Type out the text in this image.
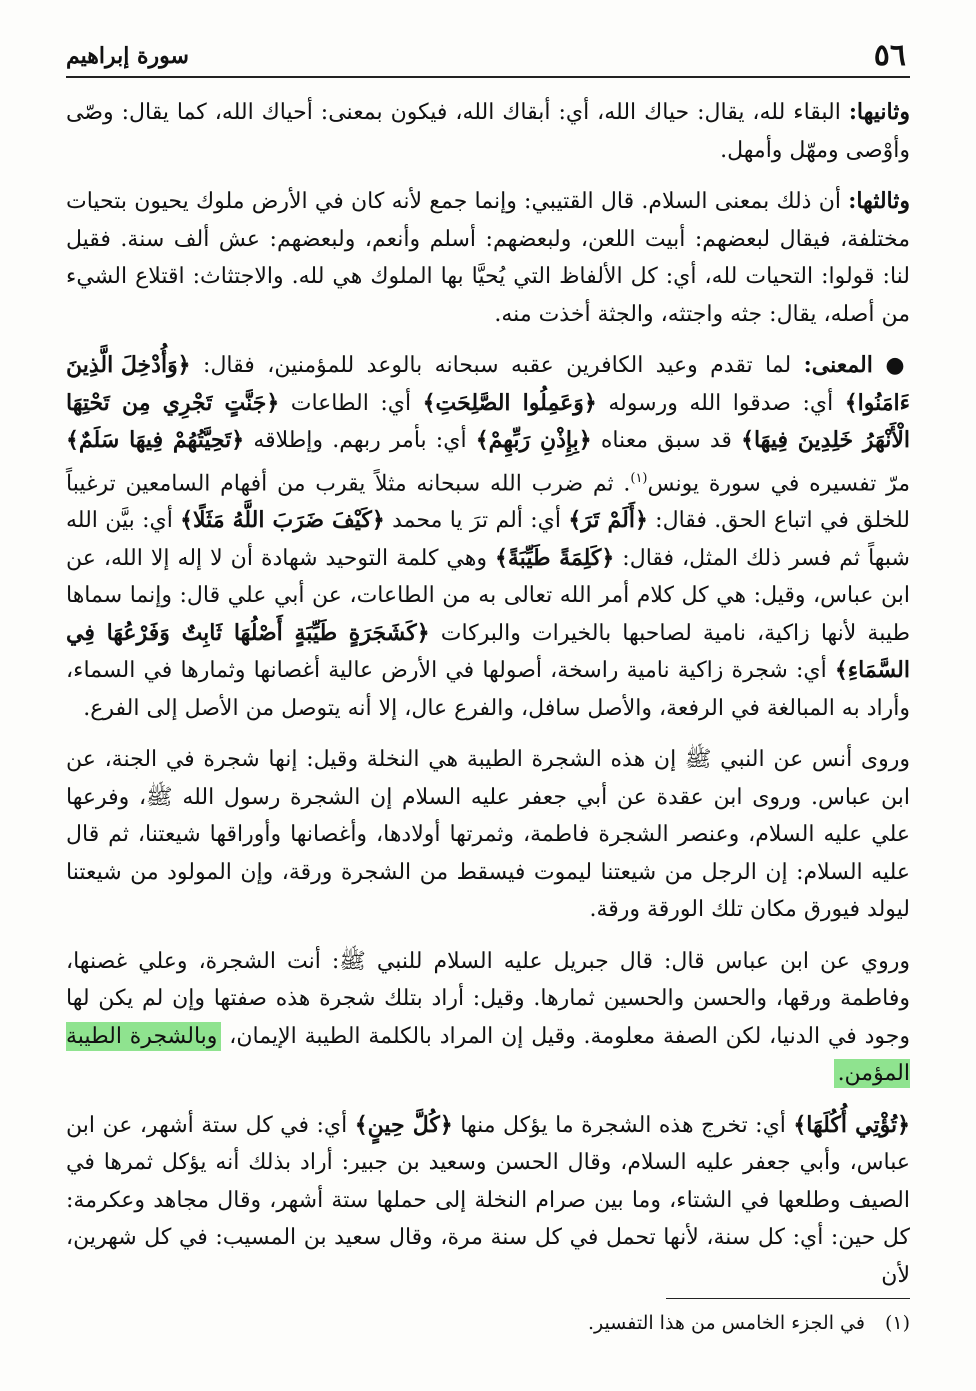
٥٦
سورة إبراهيم

وثانيها: البقاء لله، يقال: حياك الله، أي: أبقاك الله، فيكون بمعنى: أحياك الله، كما يقال: وصّى وأوْصى ومهّل وأمهل.

وثالثها: أن ذلك بمعنى السلام. قال القتيبي: وإنما جمع لأنه كان في الأرض ملوك يحيون بتحيات مختلفة، فيقال لبعضهم: أبيت اللعن، ولبعضهم: أسلم وأنعم، ولبعضهم: عش ألف سنة. فقيل لنا: قولوا: التحيات لله، أي: كل الألفاظ التي يُحيَّا بها الملوك هي لله. والاجتثاث: اقتلاع الشيء من أصله، يقال: جثه واجتثه، والجثة أخذت منه.

● المعنى: لما تقدم وعيد الكافرين عقبه سبحانه بالوعد للمؤمنين، فقال: ﴿وَأُدْخِلَ الَّذِينَ ءَامَنُوا﴾ أي: صدقوا الله ورسوله ﴿وَعَمِلُوا الصَّلِحَتِ﴾ أي: الطاعات ﴿جَنَّتٍ تَجْرِي مِن تَحْتِهَا الْأَنْهَرُ خَلِدِينَ فِيهَا﴾ قد سبق معناه ﴿بِإِذْنِ رَبِّهِمْ﴾ أي: بأمر ربهم. وإطلاقه ﴿تَحِيَّتُهُمْ فِيهَا سَلَمٌ﴾ مرّ تفسيره في سورة يونس$^{(١)}$. ثم ضرب الله سبحانه مثلاً يقرب من أفهام السامعين ترغيباً للخلق في اتباع الحق. فقال: ﴿أَلَمْ تَرَ﴾ أي: ألم ترَ يا محمد ﴿كَيْفَ ضَرَبَ اللَّهُ مَثَلًا﴾ أي: بيَّن الله شبهاً ثم فسر ذلك المثل، فقال: ﴿كَلِمَةً طَيِّبَةً﴾ وهي كلمة التوحيد شهادة أن لا إله إلا الله، عن ابن عباس، وقيل: هي كل كلام أمر الله تعالى به من الطاعات، عن أبي علي قال: وإنما سماها طيبة لأنها زاكية، نامية لصاحبها بالخيرات والبركات ﴿كَشَجَرَةٍ طَيِّبَةٍ أَصْلُهَا ثَابِتٌ وَفَرْعُهَا فِي السَّمَاءِ﴾ أي: شجرة زاكية نامية راسخة، أصولها في الأرض عالية أغصانها وثمارها في السماء، وأراد به المبالغة في الرفعة، والأصل سافل، والفرع عال، إلا أنه يتوصل من الأصل إلى الفرع.

وروى أنس عن النبي ﷺ إن هذه الشجرة الطيبة هي النخلة وقيل: إنها شجرة في الجنة، عن ابن عباس. وروى ابن عقدة عن أبي جعفر عليه السلام إن الشجرة رسول الله ﷺ، وفرعها علي عليه السلام، وعنصر الشجرة فاطمة، وثمرتها أولادها، وأغصانها وأوراقها شيعتنا، ثم قال عليه السلام: إن الرجل من شيعتنا ليموت فيسقط من الشجرة ورقة، وإن المولود من شيعتنا ليولد فيورق مكان تلك الورقة ورقة.

وروي عن ابن عباس قال: قال جبريل عليه السلام للنبي ﷺ: أنت الشجرة، وعلي غصنها، وفاطمة ورقها، والحسن والحسين ثمارها. وقيل: أراد بتلك شجرة هذه صفتها وإن لم يكن لها وجود في الدنيا، لكن الصفة معلومة. وقيل إن المراد بالكلمة الطيبة الإيمان، وبالشجرة الطيبة المؤمن.

﴿تُؤْتِي أُكُلَهَا﴾ أي: تخرج هذه الشجرة ما يؤكل منها ﴿كُلَّ حِينٍ﴾ أي: في كل ستة أشهر، عن ابن عباس، وأبي جعفر عليه السلام، وقال الحسن وسعيد بن جبير: أراد بذلك أنه يؤكل ثمرها في الصيف وطلعها في الشتاء، وما بين صرام النخلة إلى حملها ستة أشهر، وقال مجاهد وعكرمة: كل حين: أي: كل سنة، لأنها تحمل في كل سنة مرة، وقال سعيد بن المسيب: في كل شهرين، لأن

(١)في الجزء الخامس من هذا التفسير.
